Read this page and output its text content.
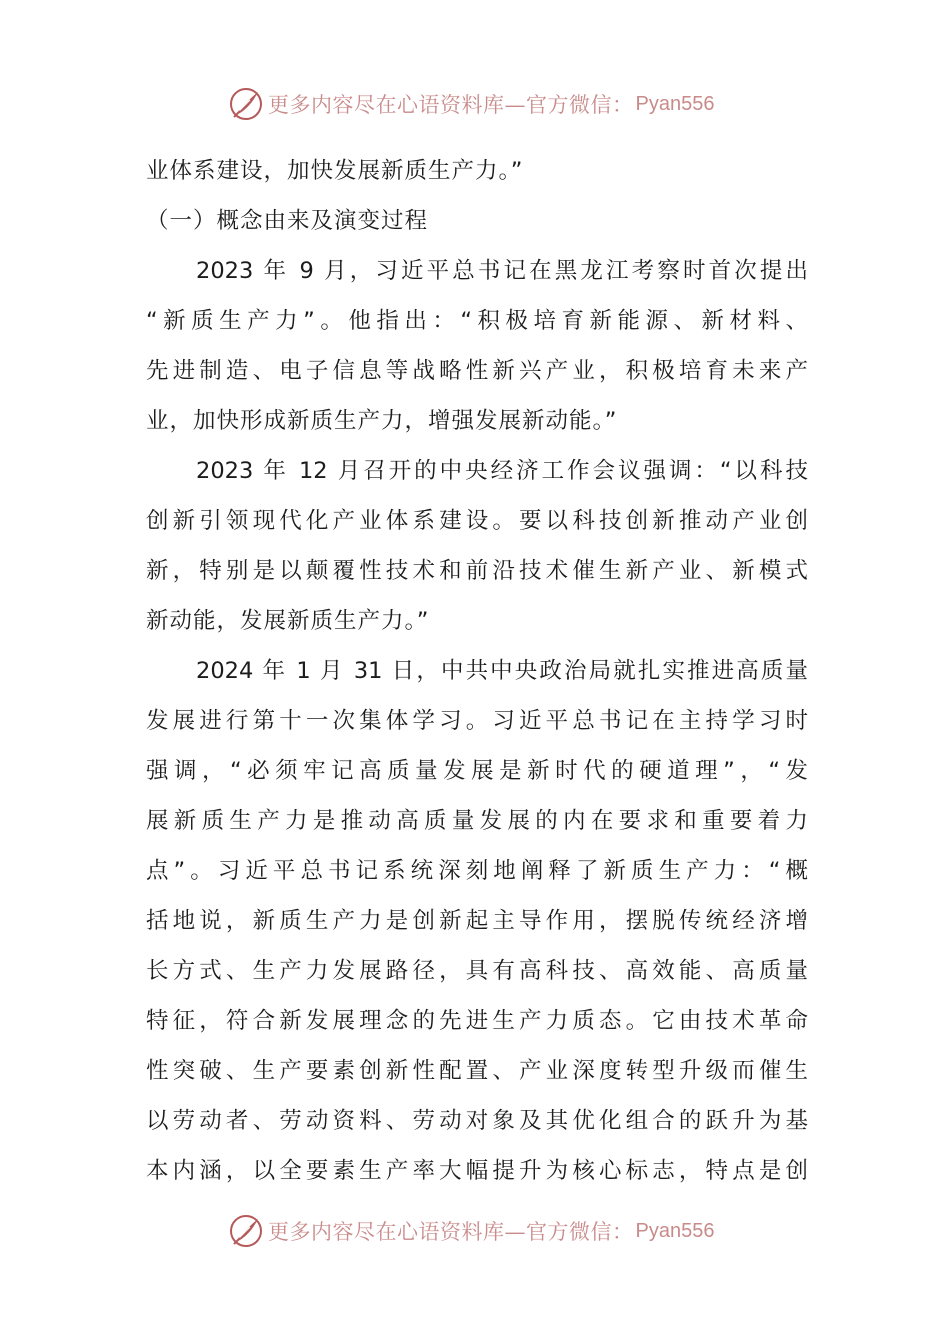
更多内容尽在心语资料库—官方微信： Pyan556
业体系建设，加快发展新质生产力。”
（一）概念由来及演变过程
2023 年 9 月，习近平总书记在黑龙江考察时首次提出
“新质生产力”。他指出：“积极培育新能源、新材料、
先进制造、电子信息等战略性新兴产业，积极培育未来产
业，加快形成新质生产力，增强发展新动能。”
2023 年 12 月召开的中央经济工作会议强调：“以科技
创新引领现代化产业体系建设。要以科技创新推动产业创
新，特别是以颠覆性技术和前沿技术催生新产业、新模式
新动能，发展新质生产力。”
2024 年 1 月 31 日，中共中央政治局就扎实推进高质量
发展进行第十一次集体学习。习近平总书记在主持学习时
强调，“必须牢记高质量发展是新时代的硬道理”，“发
展新质生产力是推动高质量发展的内在要求和重要着力
点”。习近平总书记系统深刻地阐释了新质生产力：“概
括地说，新质生产力是创新起主导作用，摆脱传统经济增
长方式、生产力发展路径，具有高科技、高效能、高质量
特征，符合新发展理念的先进生产力质态。它由技术革命
性突破、生产要素创新性配置、产业深度转型升级而催生
以劳动者、劳动资料、劳动对象及其优化组合的跃升为基
本内涵，以全要素生产率大幅提升为核心标志，特点是创
更多内容尽在心语资料库—官方微信： Pyan556
